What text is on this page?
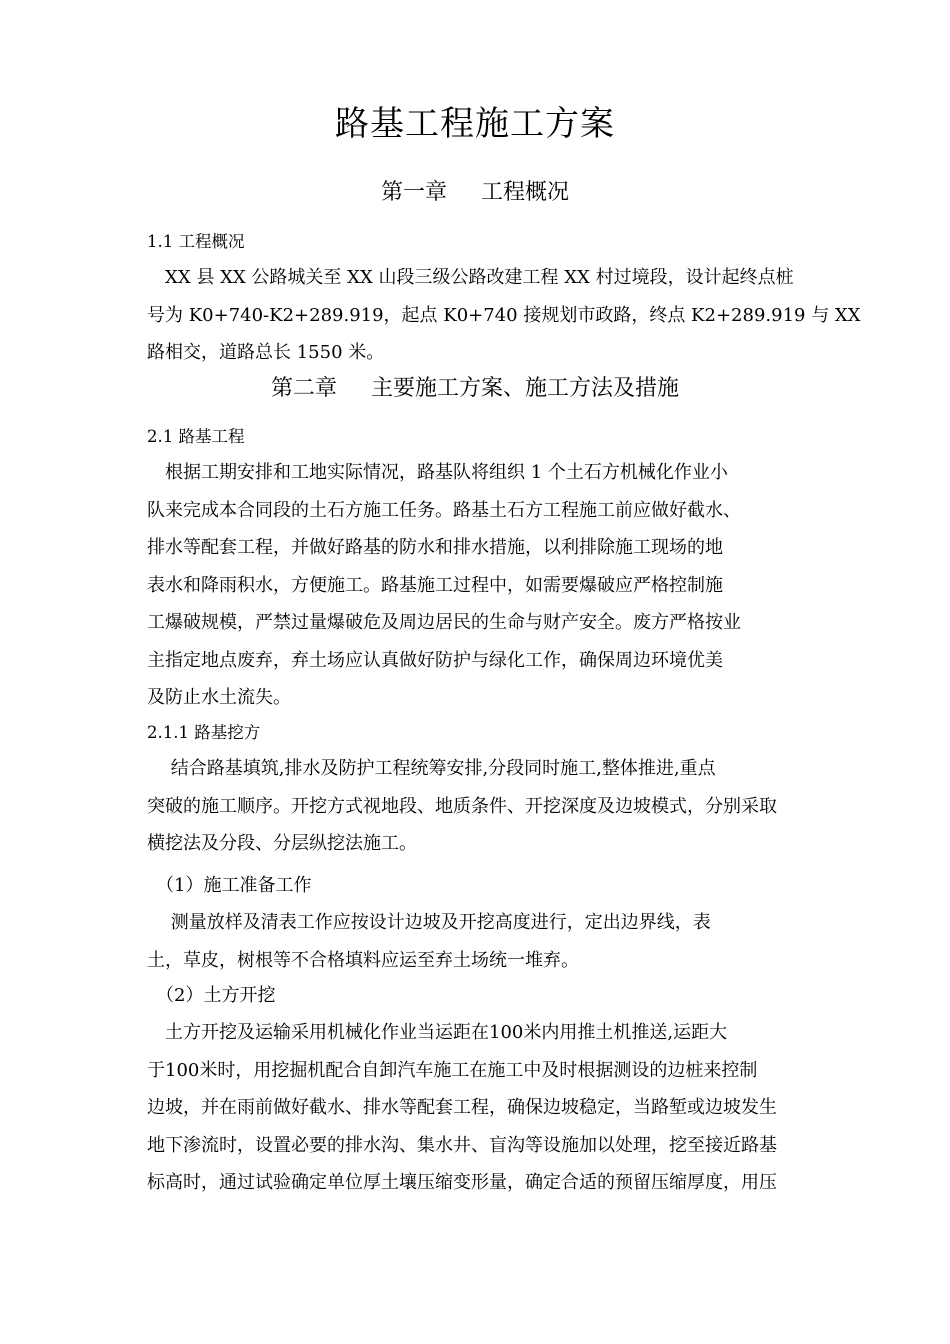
路基工程施工方案
第一章 工程概况
1.1 工程概况
　XX 县 XX 公路城关至 XX 山段三级公路改建工程 XX 村过境段，设计起终点桩
号为 K0+740-K2+289.919，起点 K0+740 接规划市政路，终点 K2+289.919 与 XX
路相交，道路总长 1550 米。
第二章 主要施工方案、施工方法及措施
2.1 路基工程
　根据工期安排和工地实际情况，路基队将组织 1 个土石方机械化作业小
队来完成本合同段的土石方施工任务。路基土石方工程施工前应做好截水、
排水等配套工程，并做好路基的防水和排水措施，以利排除施工现场的地
表水和降雨积水，方便施工。路基施工过程中，如需要爆破应严格控制施
工爆破规模，严禁过量爆破危及周边居民的生命与财产安全。废方严格按业
主指定地点废弃，弃土场应认真做好防护与绿化工作，确保周边环境优美
及防止水土流失。
2.1.1 路基挖方
　 结合路基填筑,排水及防护工程统筹安排,分段同时施工,整体推进,重点
突破的施工顺序。开挖方式视地段、地质条件、开挖深度及边坡模式，分别采取
横挖法及分段、分层纵挖法施工。
　（1）施工准备工作
　 测量放样及清表工作应按设计边坡及开挖高度进行，定出边界线，表
土，草皮，树根等不合格填料应运至弃土场统一堆弃。
　（2）土方开挖
　土方开挖及运输采用机械化作业当运距在100米内用推土机推送,运距大
于100米时，用挖掘机配合自卸汽车施工在施工中及时根据测设的边桩来控制
边坡，并在雨前做好截水、排水等配套工程，确保边坡稳定，当路堑或边坡发生
地下渗流时，设置必要的排水沟、集水井、盲沟等设施加以处理，挖至接近路基
标高时，通过试验确定单位厚土壤压缩变形量，确定合适的预留压缩厚度，用压
